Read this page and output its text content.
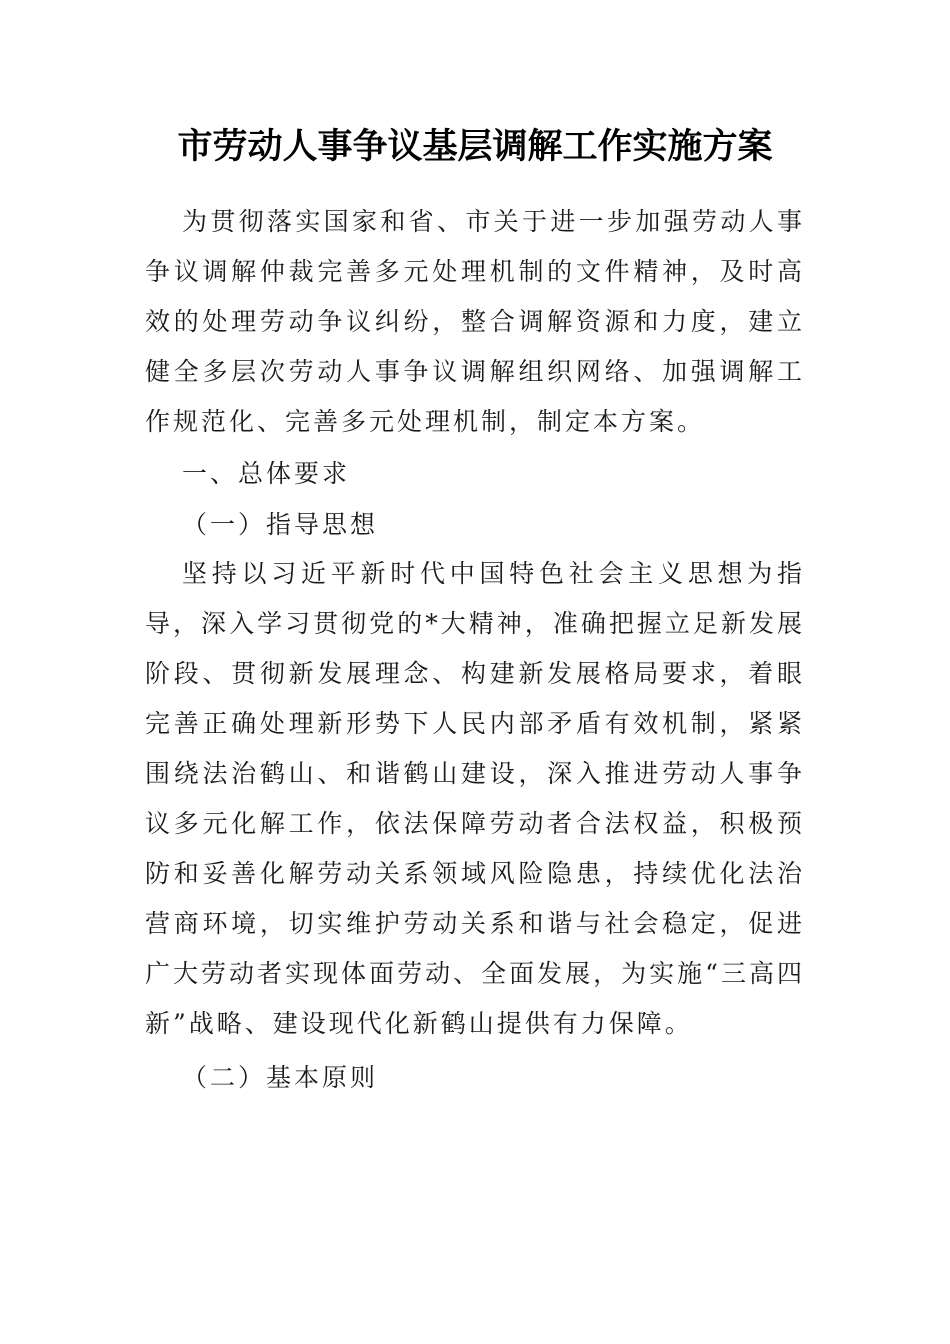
市劳动人事争议基层调解工作实施方案

为贯彻落实国家和省、市关于进一步加强劳动人事争议调解仲裁完善多元处理机制的文件精神，及时高效的处理劳动争议纠纷，整合调解资源和力度，建立健全多层次劳动人事争议调解组织网络、加强调解工作规范化、完善多元处理机制，制定本方案。

一、总体要求

（一）指导思想

坚持以习近平新时代中国特色社会主义思想为指导，深入学习贯彻党的*大精神，准确把握立足新发展阶段、贯彻新发展理念、构建新发展格局要求，着眼完善正确处理新形势下人民内部矛盾有效机制，紧紧围绕法治鹤山、和谐鹤山建设，深入推进劳动人事争议多元化解工作，依法保障劳动者合法权益，积极预防和妥善化解劳动关系领域风险隐患，持续优化法治营商环境，切实维护劳动关系和谐与社会稳定，促进广大劳动者实现体面劳动、全面发展，为实施“三高四新”战略、建设现代化新鹤山提供有力保障。

（二）基本原则
